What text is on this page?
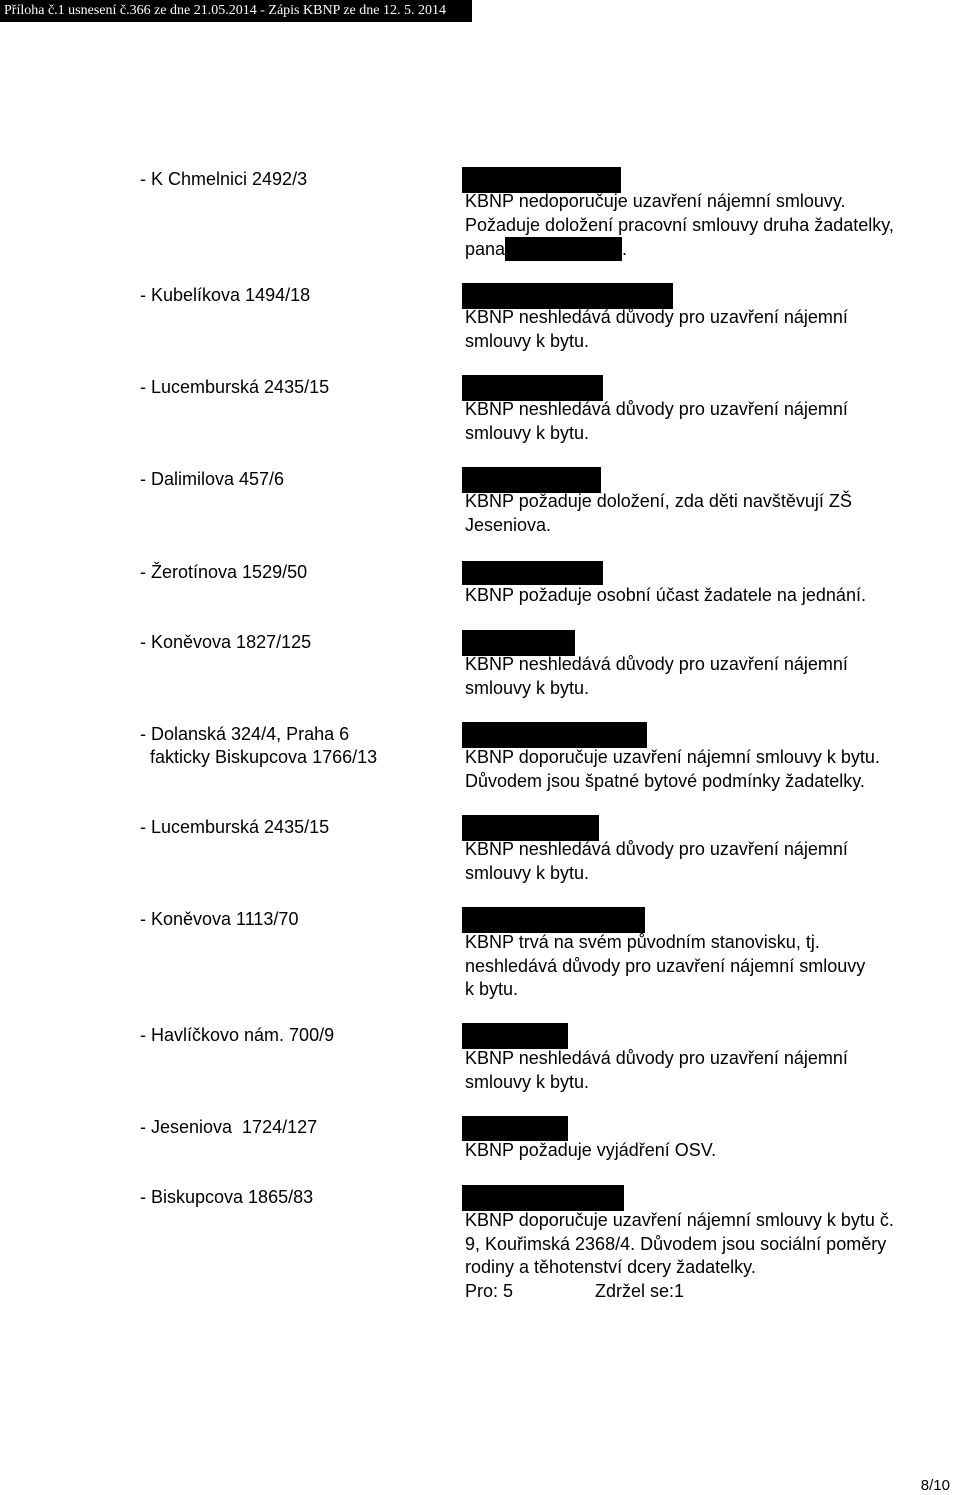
Příloha č.1 usnesení č.366 ze dne 21.05.2014 - Zápis KBNP ze dne 12. 5. 2014
- K Chmelnici 2492/3
- Kubelíkova 1494/18
- Lucemburská 2435/15
- Dalimilova 457/6
- Žerotínova 1529/50
- Koněvova 1827/125
- Dolanská 324/4, Praha 6
fakticky Biskupcova 1766/13
- Lucemburská 2435/15
- Koněvova 1113/70
- Havlíčkovo nám. 700/9
- Jeseniova  1724/127
- Biskupcova 1865/83
KBNP nedoporučuje uzavření nájemní smlouvy.
Požaduje doložení pracovní smlouvy druha žadatelky,
pana	.
KBNP neshledává důvody pro uzavření nájemní
smlouvy k bytu.
KBNP neshledává důvody pro uzavření nájemní
smlouvy k bytu.
KBNP požaduje doložení, zda děti navštěvují ZŠ
Jeseniova.
KBNP požaduje osobní účast žadatele na jednání.
KBNP neshledává důvody pro uzavření nájemní
smlouvy k bytu.
KBNP doporučuje uzavření nájemní smlouvy k bytu.
Důvodem jsou špatné bytové podmínky žadatelky.
KBNP neshledává důvody pro uzavření nájemní
smlouvy k bytu.
KBNP trvá na svém původním stanovisku, tj.
neshledává důvody pro uzavření nájemní smlouvy
k bytu.
KBNP neshledává důvody pro uzavření nájemní
smlouvy k bytu.
KBNP požaduje vyjádření OSV.
KBNP doporučuje uzavření nájemní smlouvy k bytu č.
9, Kouřimská 2368/4. Důvodem jsou sociální poměry
rodiny a těhotenství dcery žadatelky.
Pro: 5	Zdržel se:1
8/10
